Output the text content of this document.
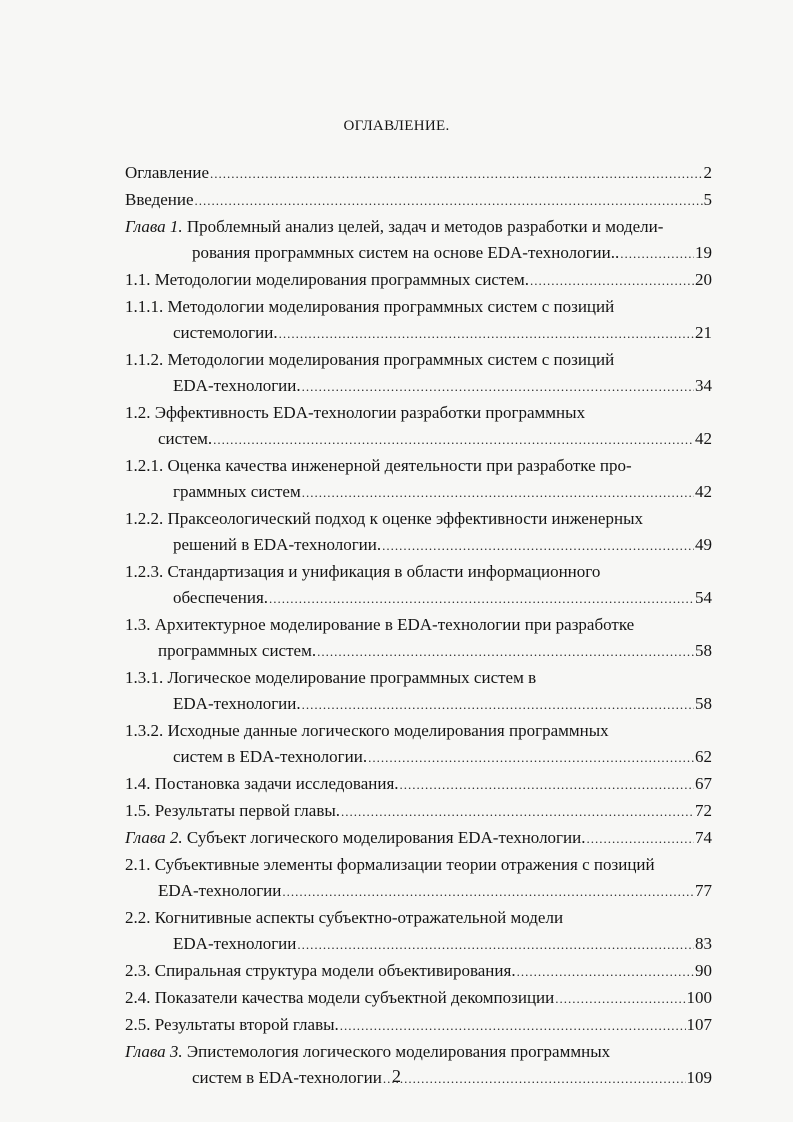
ОГЛАВЛЕНИЕ.
Оглавление .....	2
Введение .....	5
Глава 1. Проблемный анализ целей, задач и методов разработки и модели-
рования программных систем на основе EDA-технологии.. .....	19
1.1. Методологии моделирования программных систем. .....	20
1.1.1. Методологии моделирования программных систем с позиций
системологии. .....	21
1.1.2. Методологии моделирования программных систем с позиций
EDA-технологии. .....	34
1.2. Эффективность EDA-технологии разработки программных
систем. .....	42
1.2.1. Оценка качества инженерной деятельности при разработке про-
граммных систем .....	42
1.2.2. Праксеологический подход к оценке эффективности инженерных
решений в EDA-технологии. .....	49
1.2.3. Стандартизация и унификация в области информационного
обеспечения. .....	54
1.3. Архитектурное моделирование в EDA-технологии при разработке
программных систем. .....	58
1.3.1. Логическое моделирование программных систем в
EDA-технологии. .....	58
1.3.2. Исходные данные логического моделирования программных
систем в EDA-технологии. .....	62
1.4. Постановка задачи исследования. .....	67
1.5. Результаты первой главы. .....	72
Глава 2. Субъект логического моделирования EDA-технологии. .....	74
2.1. Субъективные элементы формализации теории отражения с позиций
EDA-технологии .....	77
2.2. Когнитивные аспекты субъектно-отражательной модели
EDA-технологии .....	83
2.3. Спиральная структура модели объективирования. .....	90
2.4. Показатели качества модели субъектной декомпозиции .....	100
2.5. Результаты второй главы. .....	107
Глава 3. Эпистемология логического моделирования программных
систем в EDA-технологии .....	109
2
